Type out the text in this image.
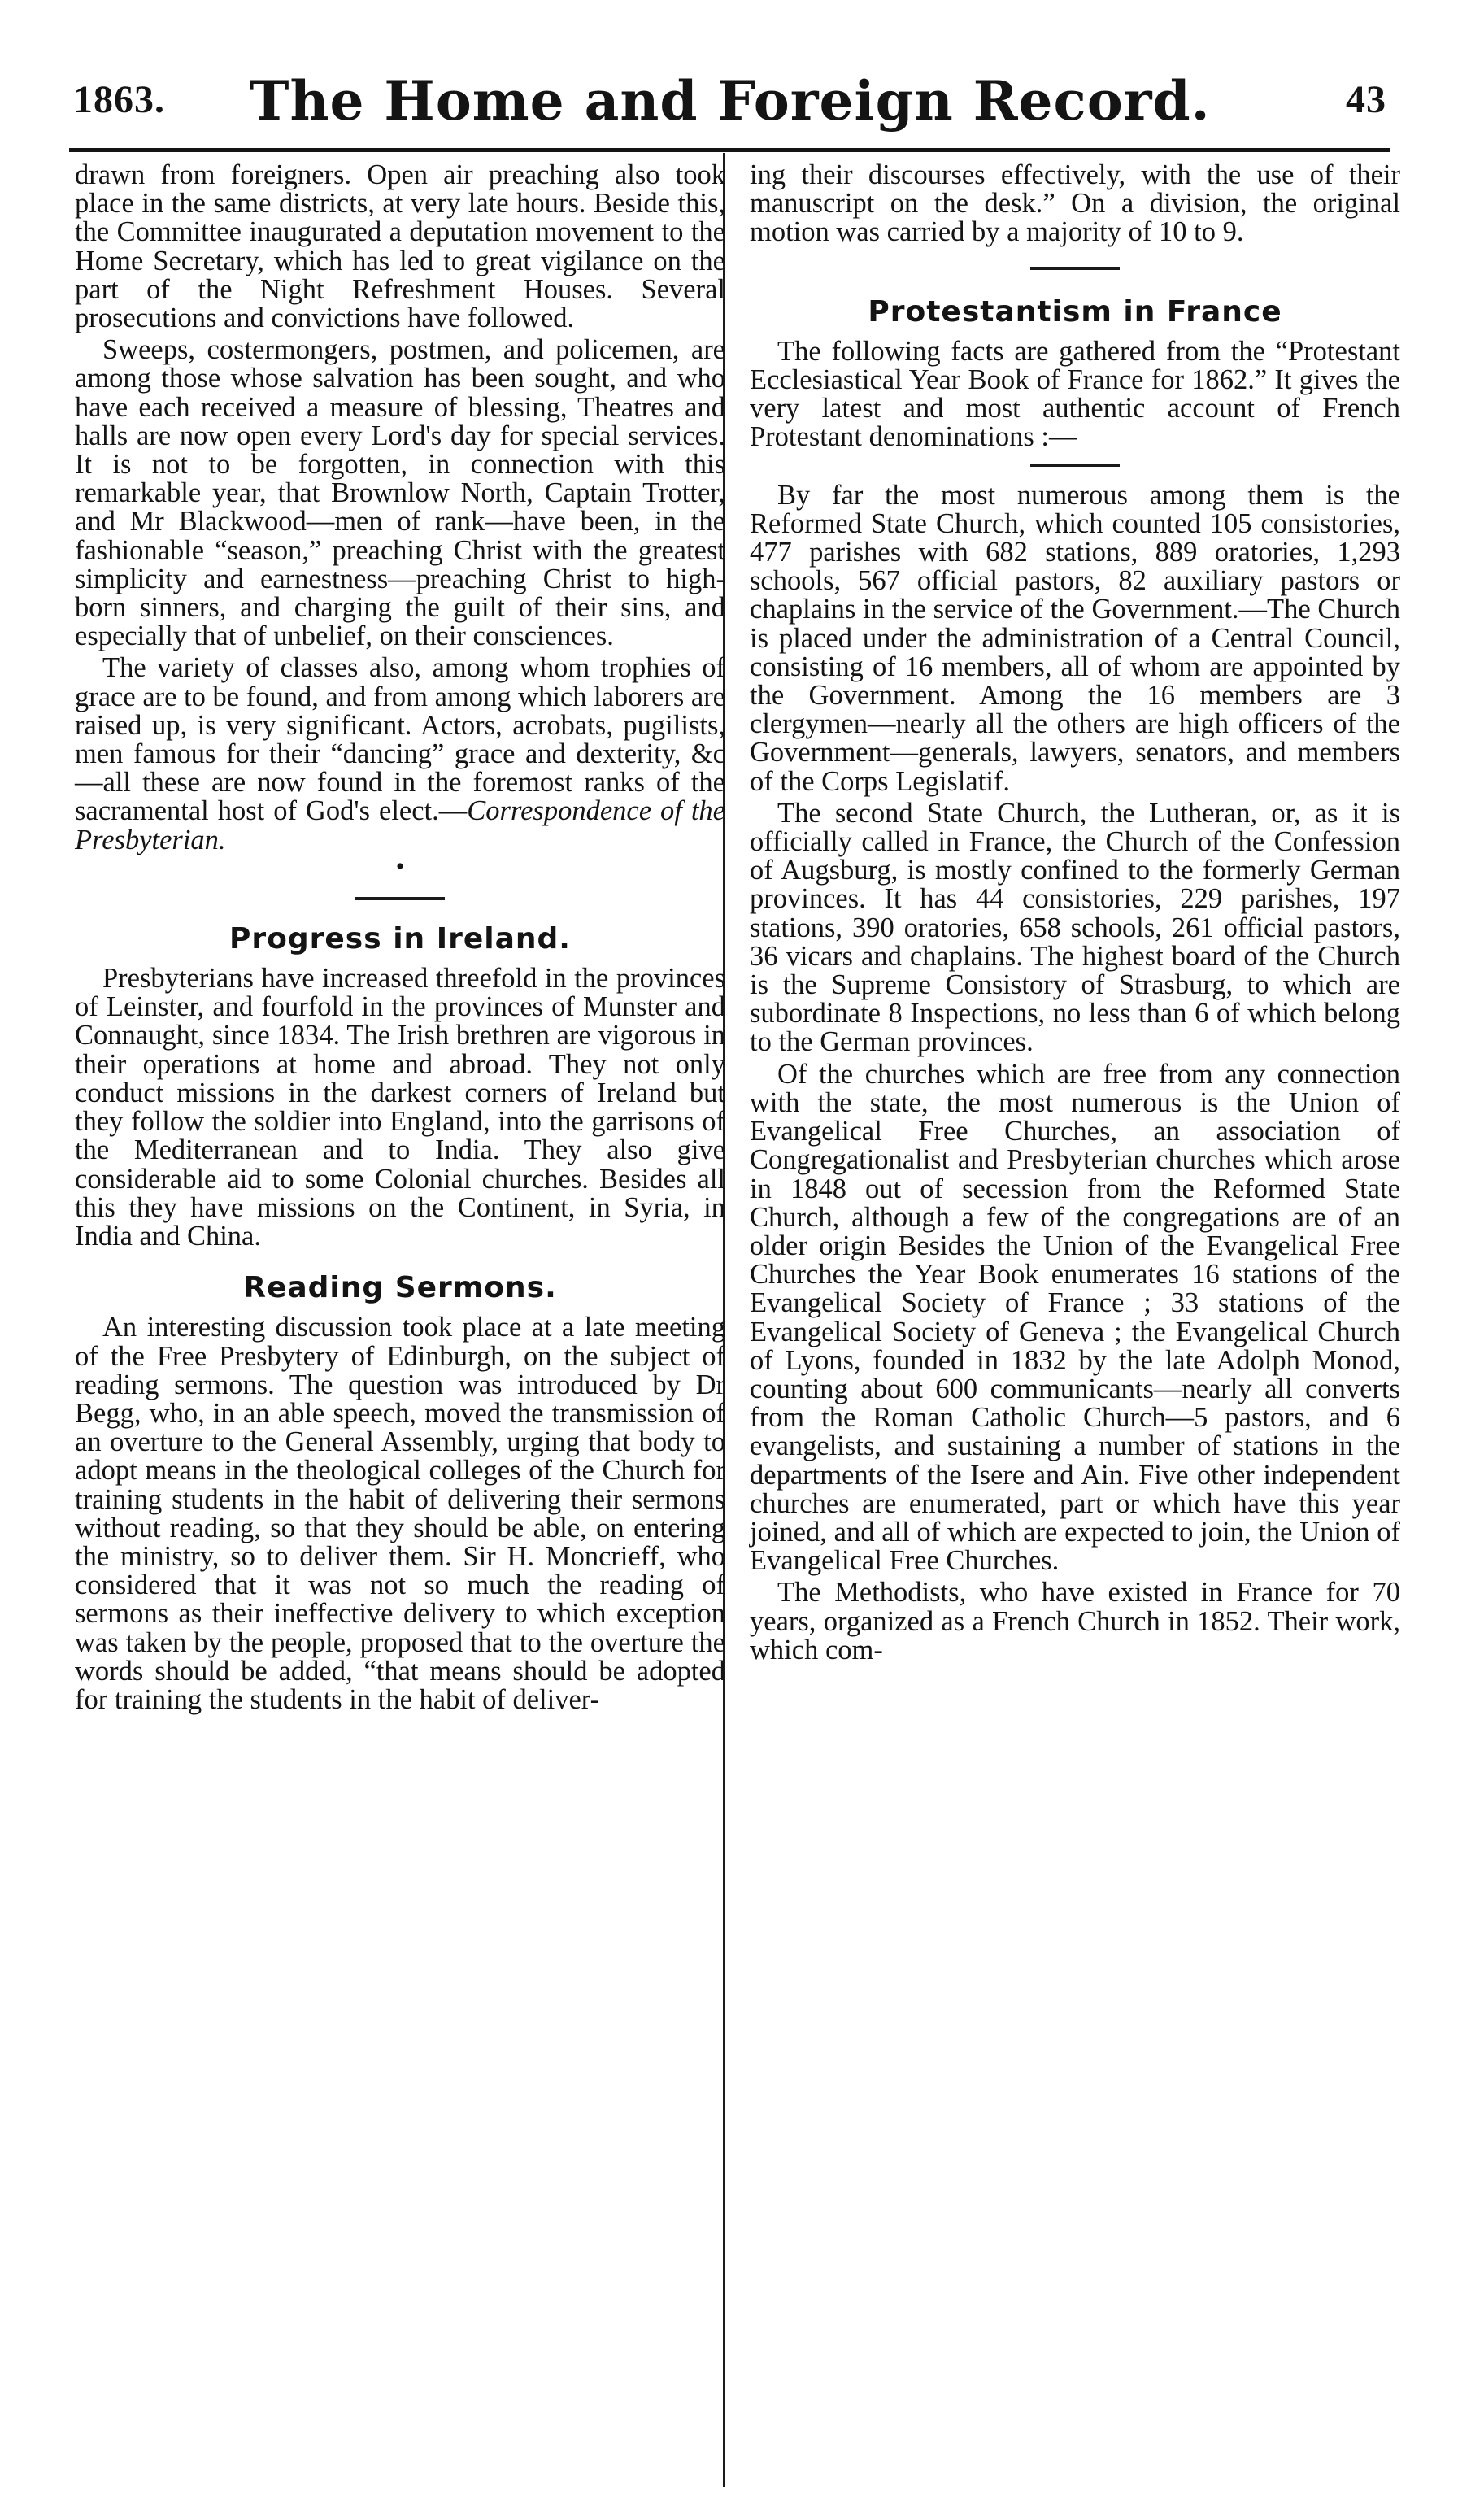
1863.	The Home and Foreign Record.	43

drawn from foreigners. Open air preaching also took place in the same districts, at very late hours. Beside this, the Committee inaugurated a deputation movement to the Home Secretary, which has led to great vigilance on the part of the Night Refreshment Houses. Several prosecutions and convictions have followed.

Sweeps, costermongers, postmen, and policemen, are among those whose salvation has been sought, and who have each received a measure of blessing, Theatres and halls are now open every Lord's day for special services. It is not to be forgotten, in connection with this remarkable year, that Brownlow North, Captain Trotter, and Mr Blackwood—men of rank—have been, in the fashionable “season,” preaching Christ with the greatest simplicity and earnestness—preaching Christ to high-born sinners, and charging the guilt of their sins, and especially that of unbelief, on their consciences.

The variety of classes also, among whom trophies of grace are to be found, and from among which laborers are raised up, is very significant. Actors, acrobats, pugilists, men famous for their “dancing” grace and dexterity, &c—all these are now found in the foremost ranks of the sacramental host of God's elect.—Correspondence of the Presbyterian.

•
Progress in Ireland.

Presbyterians have increased threefold in the provinces of Leinster, and fourfold in the provinces of Munster and Connaught, since 1834. The Irish brethren are vigorous in their operations at home and abroad. They not only conduct missions in the darkest corners of Ireland but they follow the soldier into England, into the garrisons of the Mediterranean and to India. They also give considerable aid to some Colonial churches. Besides all this they have missions on the Continent, in Syria, in India and China.

Reading Sermons.

An interesting discussion took place at a late meeting of the Free Presbytery of Edinburgh, on the subject of reading sermons. The question was introduced by Dr Begg, who, in an able speech, moved the transmission of an overture to the General Assembly, urging that body to adopt means in the theological colleges of the Church for training students in the habit of delivering their sermons without reading, so that they should be able, on entering the ministry, so to deliver them. Sir H. Moncrieff, who considered that it was not so much the reading of sermons as their ineffective delivery to which exception was taken by the people, proposed that to the overture the words should be added, “that means should be adopted for training the students in the habit of deliver-

ing their discourses effectively, with the use of their manuscript on the desk.” On a division, the original motion was carried by a majority of 10 to 9.

Protestantism in France

The following facts are gathered from the “Protestant Ecclesiastical Year Book of France for 1862.” It gives the very latest and most authentic account of French Protestant denominations :—

By far the most numerous among them is the Reformed State Church, which counted 105 consistories, 477 parishes with 682 stations, 889 oratories, 1,293 schools, 567 official pastors, 82 auxiliary pastors or chaplains in the service of the Government.—The Church is placed under the administration of a Central Council, consisting of 16 members, all of whom are appointed by the Government. Among the 16 members are 3 clergymen—nearly all the others are high officers of the Government—generals, lawyers, senators, and members of the Corps Legislatif.

The second State Church, the Lutheran, or, as it is officially called in France, the Church of the Confession of Augsburg, is mostly confined to the formerly German provinces. It has 44 consistories, 229 parishes, 197 stations, 390 oratories, 658 schools, 261 official pastors, 36 vicars and chaplains. The highest board of the Church is the Supreme Consistory of Strasburg, to which are subordinate 8 Inspections, no less than 6 of which belong to the German provinces.

Of the churches which are free from any connection with the state, the most numerous is the Union of Evangelical Free Churches, an association of Congregationalist and Presbyterian churches which arose in 1848 out of secession from the Reformed State Church, although a few of the congregations are of an older origin Besides the Union of the Evangelical Free Churches the Year Book enumerates 16 stations of the Evangelical Society of France ; 33 stations of the Evangelical Society of Geneva ; the Evangelical Church of Lyons, founded in 1832 by the late Adolph Monod, counting about 600 communicants—nearly all converts from the Roman Catholic Church—5 pastors, and 6 evangelists, and sustaining a number of stations in the departments of the Isere and Ain. Five other independent churches are enumerated, part or which have this year joined, and all of which are expected to join, the Union of Evangelical Free Churches.

The Methodists, who have existed in France for 70 years, organized as a French Church in 1852. Their work, which com-
